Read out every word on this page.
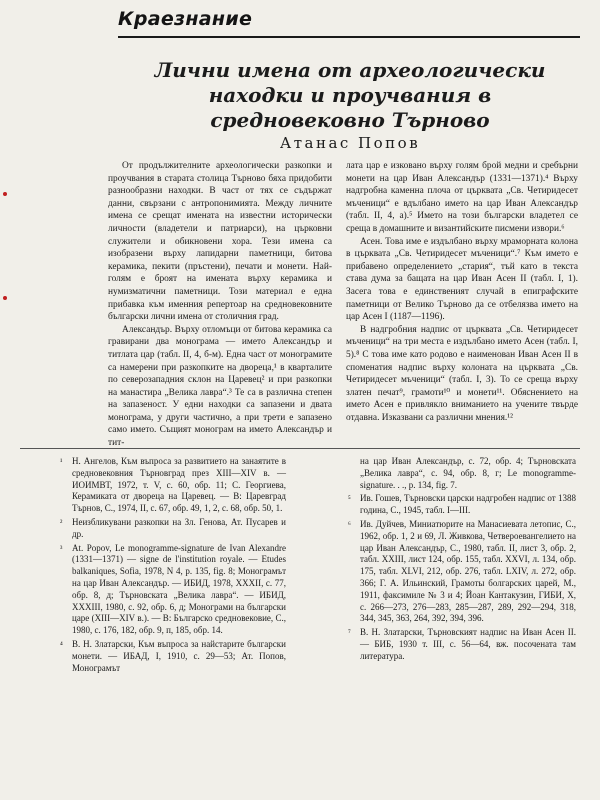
Краезнание
Лични имена от археологически находки и проучвания в средновековно Търново
Атанас Попов

От продължителните археологически разкопки и проучвания в старата столица Търново бяха придобити разнообразни находки. В част от тях се съдържат данни, свързани с антропонимията. Между личните имена се срещат имената на известни исторически личности (владетели и патриарси), на църковни служители и обикновени хора. Тези имена са изобразени върху лапидарни паметници, битова керамика, пекити (пръстени), печати и монети. Най-голям е броят на имената върху керамика и нумизматични паметници. Този материал е една прибавка към именния репертоар на средновековните български лични имена от столичния град.

Александър. Върху отломъци от битова керамика са гравирани два монограма — името Александър и титлата цар (табл. II, 4, б-м). Една част от монограмите са намерени при разкопките на двореца,¹ в кварталите по северозападния склон на Царевец² и при разкопки на манастира „Велика лавра“.³ Те са в различна степен на запазеност. У едни находки са запазени и двата монограма, у други частично, а при трети е запазено само името. Същият монограм на името Александър и тит-

лата цар е изковано върху голям брой медни и сребърни монети на цар Иван Александър (1331—1371).⁴ Върху надгробна каменна плоча от църквата „Св. Четиридесет мъченици“ е вдълбано името на цар Иван Александър (табл. II, 4, а).⁵ Името на този български владетел се среща в домашните и византийските писмени извори.⁶

Асен. Това име е издълбано върху мраморната колона в църквата „Св. Четиридесет мъченици“.⁷ Към името е прибавено определението „стария“, тъй като в текста става дума за бащата на цар Иван Асен II (табл. I, 1). Засега това е единственият случай в епиграфските паметници от Велико Търново да се отбелязва името на цар Асен I (1187—1196).

В надгробния надпис от църквата „Св. Четиридесет мъченици“ на три места е издълбано името Асен (табл. I, 5).⁸ С това име като родово е наименован Иван Асен II в споменатия надпис върху колоната на църквата „Св. Четиридесет мъченици“ (табл. I, 3). То се среща върху златен печат⁹, грамоти¹⁰ и монети¹¹. Обяснението на името Асен е привлякло вниманието на учените твърде отдавна. Изказвани са различни мнения.¹²

¹ Н. Ангелов, Към въпроса за развитието на занаятите в средновековния Търновград през XIII—XIV в. — ИОИМВТ, 1972, т. V, с. 60, обр. 11; С. Георгиева, Керамиката от двореца на Царевец. — В: Царевград Търнов, С., 1974, II, с. 67, обр. 49, 1, 2, с. 68, обр. 50, 1.
² Неизбликувани разкопки на Зл. Генова, Ат. Пусарев и др.
³ At. Popov, Le monogramme-signature de Ivan Alexandre (1331—1371) — signe de l'institution royale. — Etudes balkaniques, Sofia, 1978, N 4, p. 135, fig. 8; Монограмът на цар Иван Александър. — ИБИД, 1978, XXXII, с. 77, обр. 8, д; Търновската „Велика лавра“. — ИБИД, XXXIII, 1980, с. 92, обр. 6, д; Монограми на български царе (XIII—XIV в.). — В: Българско средновековие, С., 1980, с. 176, 182, обр. 9, п, 185, обр. 14.
⁴ В. Н. Златарски, Към въпроса за найстарите български монети. — ИБАД, I, 1910, с. 29—53; Ат. Попов, Монограмът
на цар Иван Александър, с. 72, обр. 4; Търновската „Велика лавра“, с. 94, обр. 8, г; Le monogramme-signature. . ., p. 134, fig. 7.
⁵ Ив. Гошев, Търновски царски надгробен надпис от 1388 година, С., 1945, табл. I—III.
⁶ Ив. Дуйчев, Миниатюрите на Манасиевата летопис, С., 1962, обр. 1, 2 и 69, Л. Живкова, Четвероевангелието на цар Иван Александър, С., 1980, табл. II, лист 3, обр. 2, табл. XXIII, лист 124, обр. 155, табл. XXVI, л. 134, обр. 175, табл. XLVI, 212, обр. 276, табл. LXIV, л. 272, обр. 366; Г. А. Ильинский, Грамоты болгарских царей, М., 1911, факсимиле № 3 и 4; Йоан Кантакузин, ГИБИ, X, с. 266—273, 276—283, 285—287, 289, 292—294, 318, 344, 345, 363, 264, 392, 394, 396.
⁷ В. Н. Златарски, Търновският надпис на Иван Асен II. — БИБ, 1930 т. III, с. 56—64, вж. посочената там литература.
